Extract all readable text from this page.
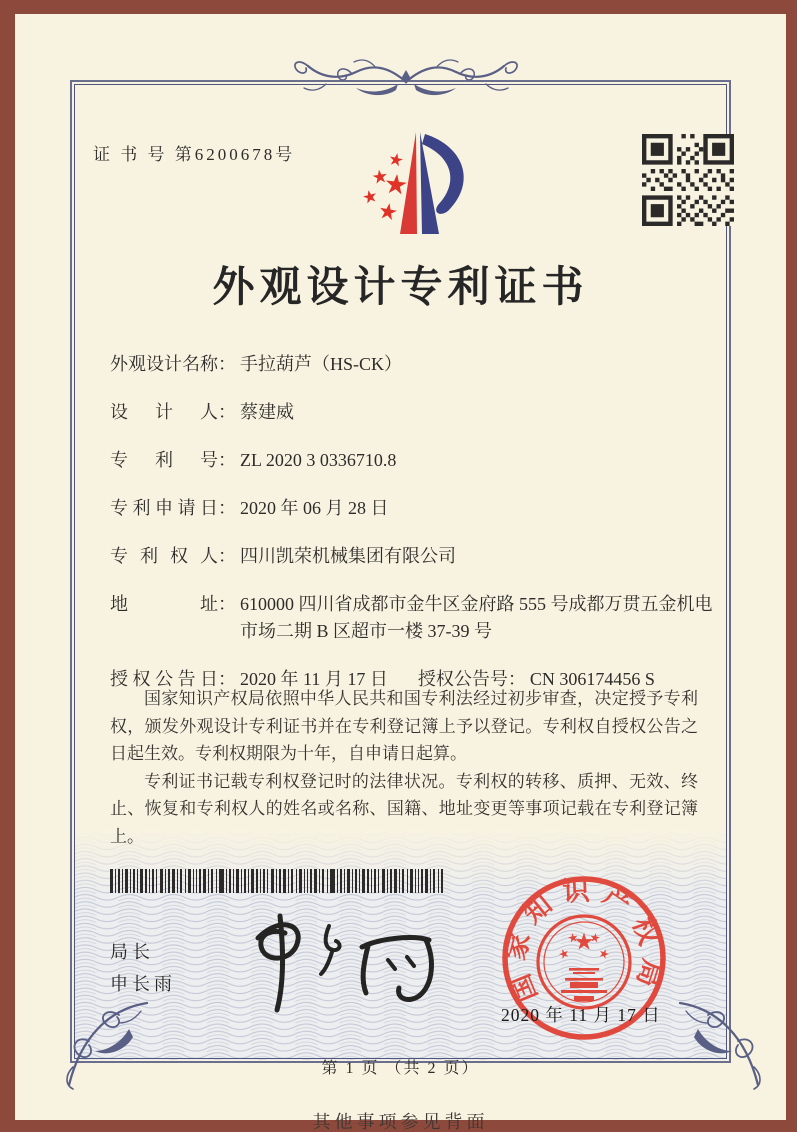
证 书 号 第6200678号
外观设计专利证书
外观设计名称 ： 手拉葫芦（HS-CK）
设计人 ： 蔡建威
专利号 ： ZL 2020 3 0336710.8
专利申请日 ： 2020 年 06 月 28 日
专利权人 ： 四川凯荣机械集团有限公司
地址 ： 610000 四川省成都市金牛区金府路 555 号成都万贯五金机电市场二期 B 区超市一楼 37-39 号
授权公告日 ： 2020 年 11 月 17 日 授权公告号 ： CN 306174456 S

国家知识产权局依照中华人民共和国专利法经过初步审查，决定授予专利权，颁发外观设计专利证书并在专利登记簿上予以登记。专利权自授权公告之日起生效。专利权期限为十年，自申请日起算。

专利证书记载专利权登记时的法律状况。专利权的转移、质押、无效、终止、恢复和专利权人的姓名或名称、国籍、地址变更等事项记载在专利登记簿上。

局长
申长雨	国家知识产权局
2020 年 11 月 17 日
第 1 页 （共 2 页）
其他事项参见背面
